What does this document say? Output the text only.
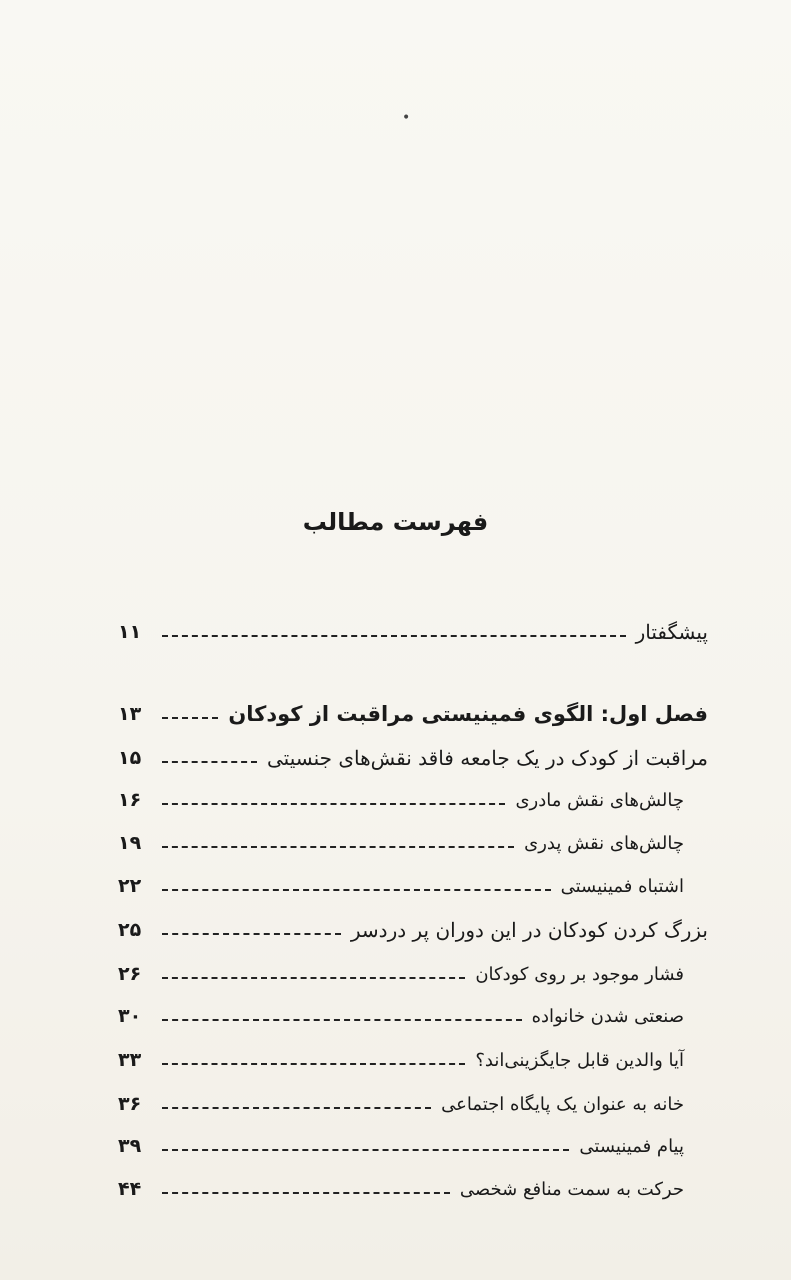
•
فهرست مطالب
پیشگفتار
۱۱
فصل اول: الگوی فمینیستی مراقبت از کودکان
۱۳
مراقبت از کودک در یک جامعه فاقد نقش‌های جنسیتی
۱۵
چالش‌های نقش مادری
۱۶
چالش‌های نقش پدری
۱۹
اشتباه فمینیستی
۲۲
بزرگ کردن کودکان در این دوران پر دردسر
۲۵
فشار موجود بر روی کودکان
۲۶
صنعتی شدن خانواده
۳۰
آیا والدین قابل جایگزینی‌اند؟
۳۳
خانه به عنوان یک پایگاه اجتماعی
۳۶
پیام فمینیستی
۳۹
حرکت به سمت منافع شخصی
۴۴
